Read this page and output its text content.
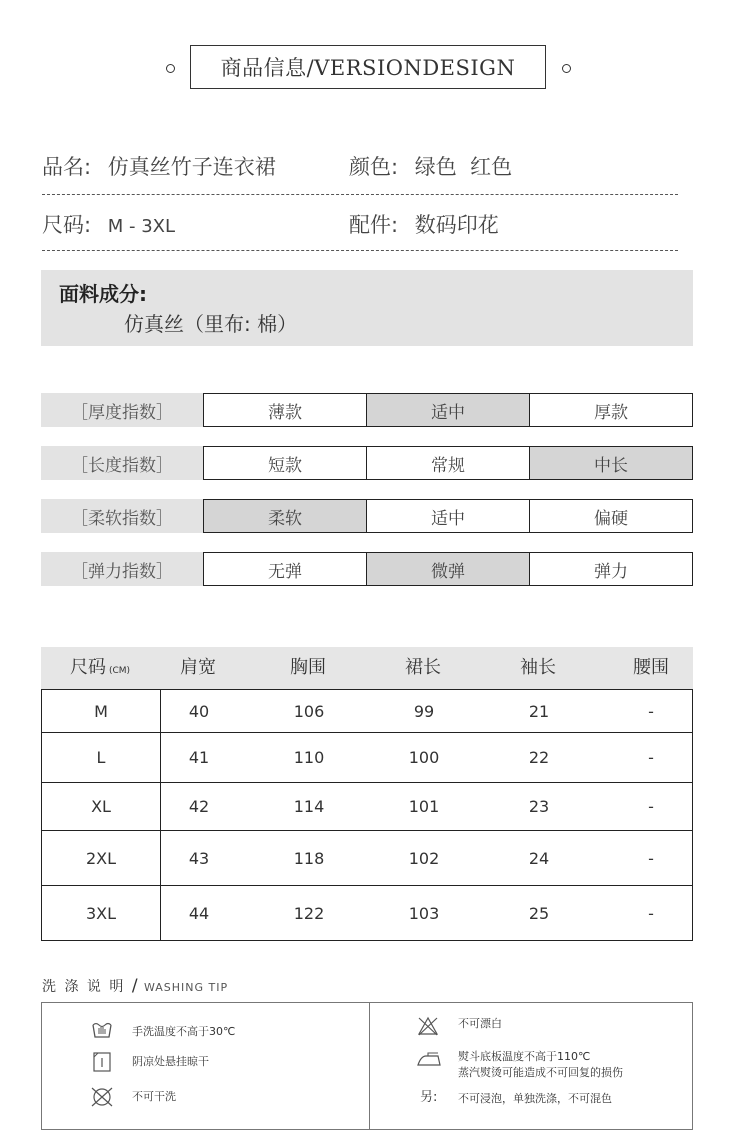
商品信息/VERSIONDESIGN
品名: 仿真丝竹子连衣裙	颜色: 绿色  红色
尺码: M - 3XL	配件: 数码印花
面料成分:
仿真丝（里布: 棉）
［厚度指数］	薄款	适中	厚款
［长度指数］	短款	常规	中长
［柔软指数］	柔软	适中	偏硬
［弹力指数］	无弹	微弹	弹力
尺码 (CM)	肩宽	胸围	裙长	袖长	腰围
M	40	106	99	21	-
L	41	110	100	22	-
XL	42	114	101	23	-
2XL	43	118	102	24	-
3XL	44	122	103	25	-
洗 涤 说 明 / WASHING TIP
手洗温度不高于30℃
阴凉处悬挂晾干
不可干洗
不可漂白
熨斗底板温度不高于110℃
蒸汽熨烫可能造成不可回复的损伤
另: 不可浸泡，单独洗涤，不可混色
